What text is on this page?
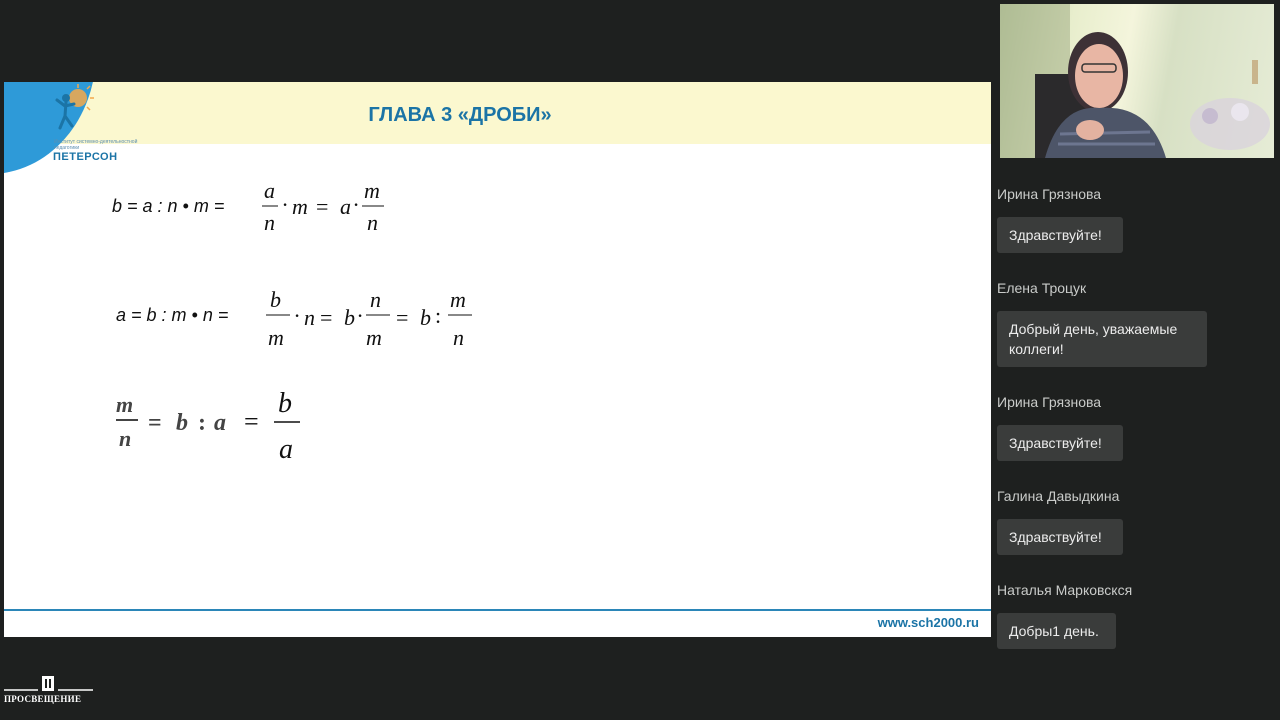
Институт системно-деятельностной педагогики
ПЕТЕРСОН
ГЛАВА 3 «ДРОБИ»
b = a : n • m =
a
n
· m = a ·
m
n
a = b : m • n =
b
m
· n = b ·
n
m
= b :
m
n
m
n
= b : a =
b
a
www.sch2000.ru
Ирина Грязнова
Здравствуйте!
Елена Троцук
Добрый день, уважаемые коллеги!
Ирина Грязнова
Здравствуйте!
Галина Давыдкина
Здравствуйте!
Наталья Марковскся
Добры1 день.
ПРОСВЕЩЕНИЕ
